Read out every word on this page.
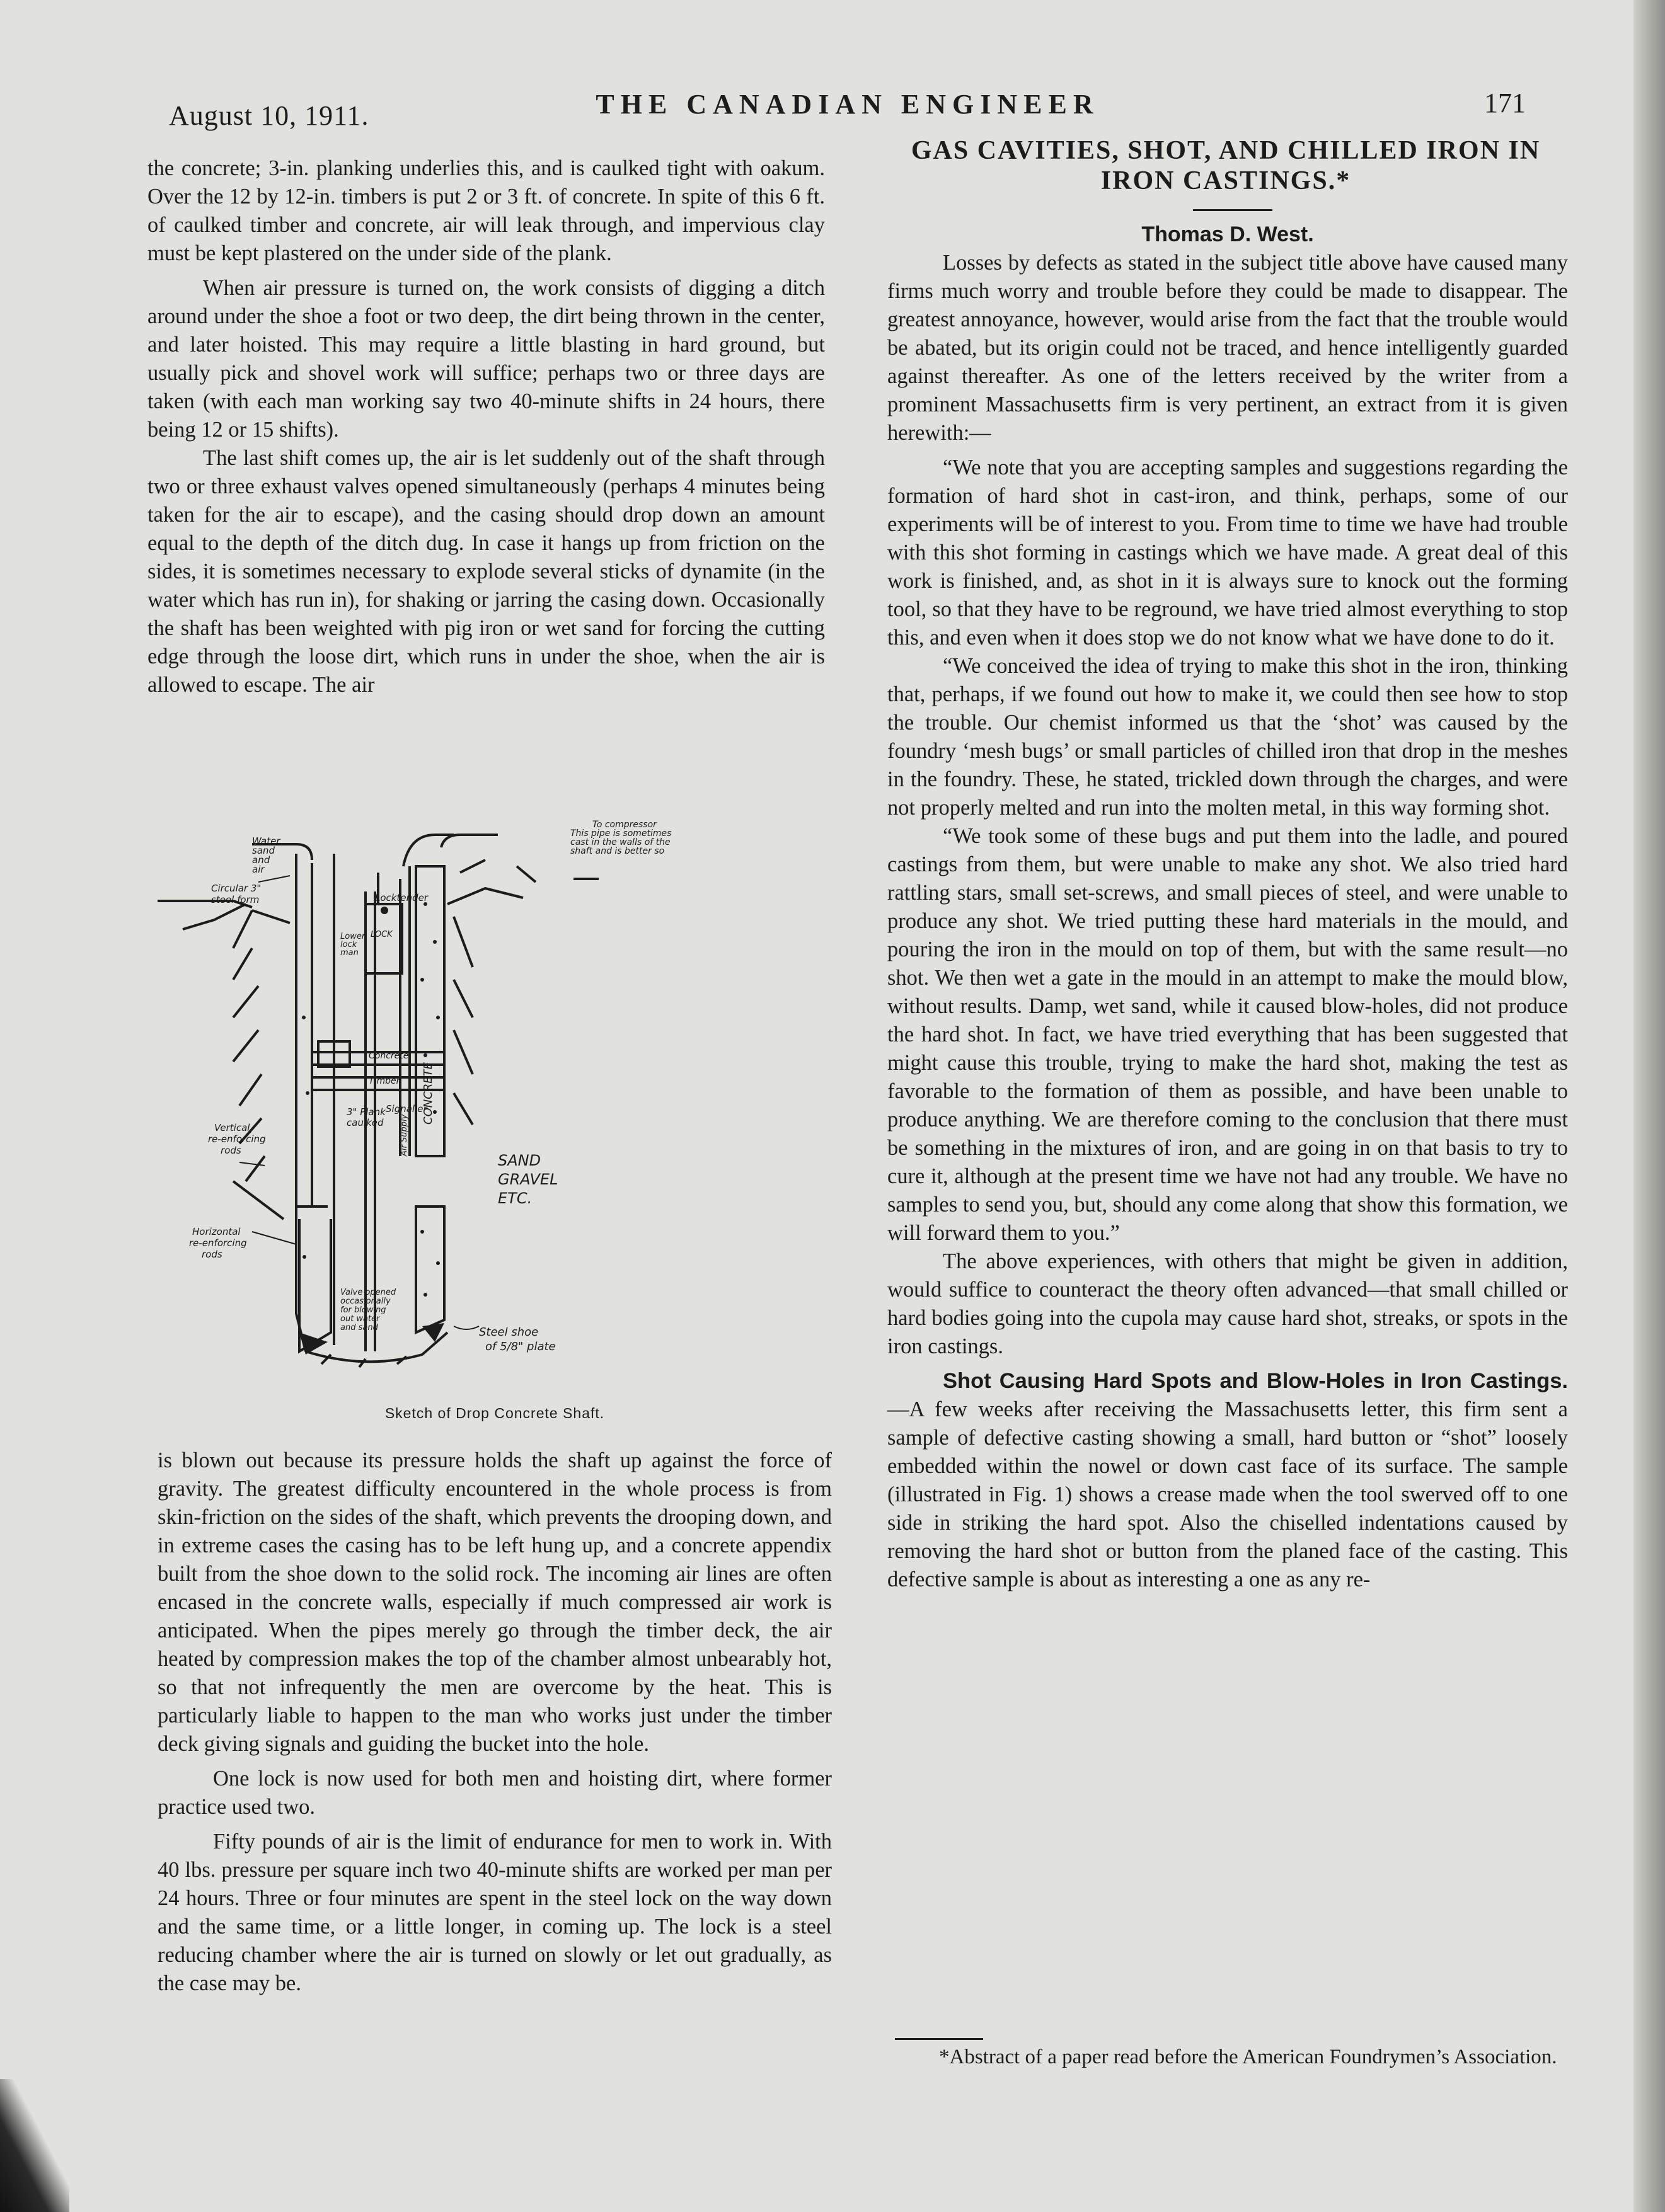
August 10, 1911.	THE CANADIAN ENGINEER	171

the concrete; 3-in. planking underlies this, and is caulked tight with oakum. Over the 12 by 12-in. timbers is put 2 or 3 ft. of concrete. In spite of this 6 ft. of caulked timber and concrete, air will leak through, and impervious clay must be kept plastered on the under side of the plank.

When air pressure is turned on, the work consists of digging a ditch around under the shoe a foot or two deep, the dirt being thrown in the center, and later hoisted. This may require a little blasting in hard ground, but usually pick and shovel work will suffice; perhaps two or three days are taken (with each man working say two 40-minute shifts in 24 hours, there being 12 or 15 shifts).

The last shift comes up, the air is let suddenly out of the shaft through two or three exhaust valves opened simultaneously (perhaps 4 minutes being taken for the air to escape), and the casing should drop down an amount equal to the depth of the ditch dug. In case it hangs up from friction on the sides, it is sometimes necessary to explode several sticks of dynamite (in the water which has run in), for shaking or jarring the casing down. Occasionally the shaft has been weighted with pig iron or wet sand for forcing the cutting edge through the loose dirt, which runs in under the shoe, when the air is allowed to escape. The air

Water
sand
and
air
To compressor
This pipe is sometimes
cast in the walls of the
shaft and is better so
Circular 3"
steel form	Locktender
LOCK
Lower
lock
man
Concrete
Timber
3" Plank
caulked
Signaller
CONCRETE
Air Supply
SAND
GRAVEL
ETC.
Vertical
re-enforcing
rods
Horizontal
re-enforcing
rods
Valve opened
occasionally
for blowing
out water
and sand	Steel shoe
of 5/8" plate
Sketch of Drop Concrete Shaft.

is blown out because its pressure holds the shaft up against the force of gravity. The greatest difficulty encountered in the whole process is from skin-friction on the sides of the shaft, which prevents the drooping down, and in extreme cases the casing has to be left hung up, and a concrete appendix built from the shoe down to the solid rock. The incoming air lines are often encased in the concrete walls, especially if much compressed air work is anticipated. When the pipes merely go through the timber deck, the air heated by compression makes the top of the chamber almost unbearably hot, so that not infrequently the men are overcome by the heat. This is particularly liable to happen to the man who works just under the timber deck giving signals and guiding the bucket into the hole.

One lock is now used for both men and hoisting dirt, where former practice used two.

Fifty pounds of air is the limit of endurance for men to work in. With 40 lbs. pressure per square inch two 40-minute shifts are worked per man per 24 hours. Three or four minutes are spent in the steel lock on the way down and the same time, or a little longer, in coming up. The lock is a steel reducing chamber where the air is turned on slowly or let out gradually, as the case may be.

GAS CAVITIES, SHOT, AND CHILLED IRON IN IRON CASTINGS.*
Thomas D. West.

Losses by defects as stated in the subject title above have caused many firms much worry and trouble before they could be made to disappear. The greatest annoyance, however, would arise from the fact that the trouble would be abated, but its origin could not be traced, and hence intelligently guarded against thereafter. As one of the letters received by the writer from a prominent Massachusetts firm is very pertinent, an extract from it is given herewith:—

“We note that you are accepting samples and suggestions regarding the formation of hard shot in cast-iron, and think, perhaps, some of our experiments will be of interest to you. From time to time we have had trouble with this shot forming in castings which we have made. A great deal of this work is finished, and, as shot in it is always sure to knock out the forming tool, so that they have to be reground, we have tried almost everything to stop this, and even when it does stop we do not know what we have done to do it.

“We conceived the idea of trying to make this shot in the iron, thinking that, perhaps, if we found out how to make it, we could then see how to stop the trouble. Our chemist informed us that the ‘shot’ was caused by the foundry ‘mesh bugs’ or small particles of chilled iron that drop in the meshes in the foundry. These, he stated, trickled down through the charges, and were not properly melted and run into the molten metal, in this way forming shot.

“We took some of these bugs and put them into the ladle, and poured castings from them, but were unable to make any shot. We also tried hard rattling stars, small set-screws, and small pieces of steel, and were unable to produce any shot. We tried putting these hard materials in the mould, and pouring the iron in the mould on top of them, but with the same result—no shot. We then wet a gate in the mould in an attempt to make the mould blow, without results. Damp, wet sand, while it caused blow-holes, did not produce the hard shot. In fact, we have tried everything that has been suggested that might cause this trouble, trying to make the hard shot, making the test as favorable to the formation of them as possible, and have been unable to produce anything. We are therefore coming to the conclusion that there must be something in the mixtures of iron, and are going in on that basis to try to cure it, although at the present time we have not had any trouble. We have no samples to send you, but, should any come along that show this formation, we will forward them to you.”

The above experiences, with others that might be given in addition, would suffice to counteract the theory often advanced—that small chilled or hard bodies going into the cupola may cause hard shot, streaks, or spots in the iron castings.

Shot Causing Hard Spots and Blow-Holes in Iron Castings.—A few weeks after receiving the Massachusetts letter, this firm sent a sample of defective casting showing a small, hard button or “shot” loosely embedded within the nowel or down cast face of its surface. The sample (illustrated in Fig. 1) shows a crease made when the tool swerved off to one side in striking the hard spot. Also the chiselled indentations caused by removing the hard shot or button from the planed face of the casting. This defective sample is about as interesting a one as any re-

*Abstract of a paper read before the American Foundrymen’s Association.
